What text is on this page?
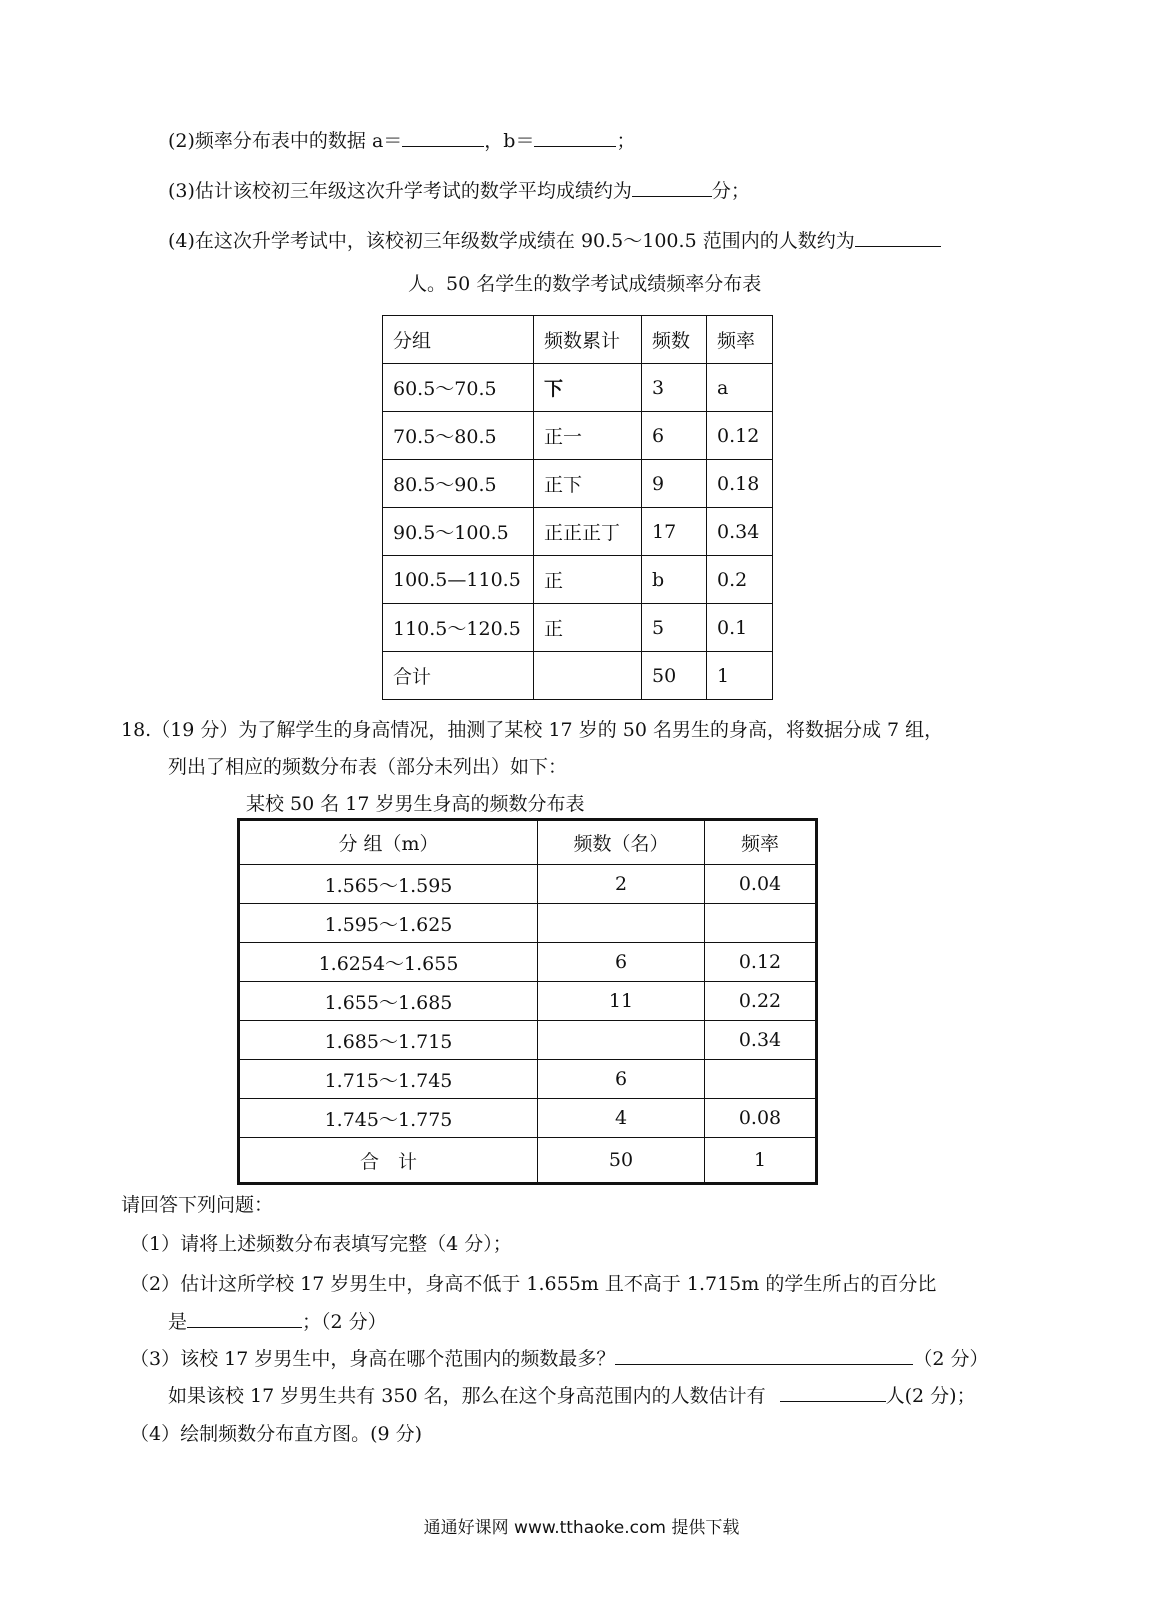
(2)频率分布表中的数据 a＝	，b＝	；
(3)估计该校初三年级这次升学考试的数学平均成绩约为	分；
(4)在这次升学考试中，该校初三年级数学成绩在 90.5～100.5 范围内的人数约为
人。50 名学生的数学考试成绩频率分布表
分组	频数累计	频数	频率
60.5～70.5	下	3	a
70.5～80.5	正一	6	0.12
80.5～90.5	正下	9	0.18
90.5～100.5	正正正丁	17	0.34
100.5—110.5	正	b	0.2
110.5～120.5	正	5	0.1
合计		50	1
18.（19 分）为了解学生的身高情况，抽测了某校 17 岁的 50 名男生的身高，将数据分成 7 组，
列出了相应的频数分布表（部分未列出）如下：
某校 50 名 17 岁男生身高的频数分布表
分 组（m）	频数（名）	频率
1.565～1.595	2	0.04
1.595～1.625		
1.6254～1.655	6	0.12
1.655～1.685	11	0.22
1.685～1.715		0.34
1.715～1.745	6	
1.745～1.775	4	0.08
合　计	50	1
请回答下列问题：
（1）请将上述频数分布表填写完整（4 分）；
（2）估计这所学校 17 岁男生中，身高不低于 1.655m 且不高于 1.715m 的学生所占的百分比
是	；（2 分）
（3）该校 17 岁男生中，身高在哪个范围内的频数最多？	（2 分）
如果该校 17 岁男生共有 350 名，那么在这个身高范围内的人数估计有	人(2 分)；
（4）绘制频数分布直方图。(9 分)
通通好课网 www.tthaoke.com 提供下载
